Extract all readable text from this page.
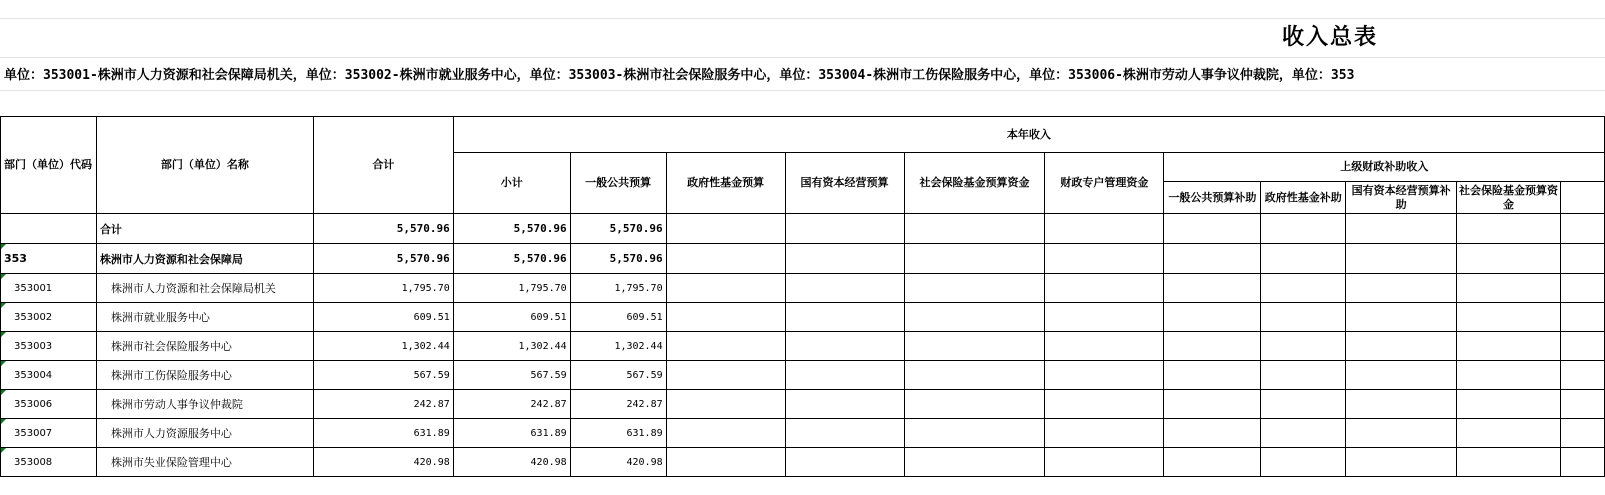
收入总表
单位：353001-株洲市人力资源和社会保障局机关，单位：353002-株洲市就业服务中心，单位：353003-株洲市社会保险服务中心，单位：353004-株洲市工伤保险服务中心，单位：353006-株洲市劳动人事争议仲裁院，单位：353
部门（单位）代码	部门（单位）名称	合计	本年收入										
			小计	一般公共预算	政府性基金预算	国有资本经营预算	社会保险基金预算资金	财政专户管理资金	上级财政补助收入				
									一般公共预算补助	政府性基金补助	国有资本经营预算补助	社会保险基金预算资金	
	合计	5,570.96	5,570.96	5,570.96									

353	株洲市人力资源和社会保障局	5,570.96	5,570.96	5,570.96									

353001	株洲市人力资源和社会保障局机关	1,795.70	1,795.70	1,795.70									

353002	株洲市就业服务中心	609.51	609.51	609.51									

353003	株洲市社会保险服务中心	1,302.44	1,302.44	1,302.44									

353004	株洲市工伤保险服务中心	567.59	567.59	567.59									

353006	株洲市劳动人事争议仲裁院	242.87	242.87	242.87									

353007	株洲市人力资源服务中心	631.89	631.89	631.89									

353008	株洲市失业保险管理中心	420.98	420.98	420.98									
